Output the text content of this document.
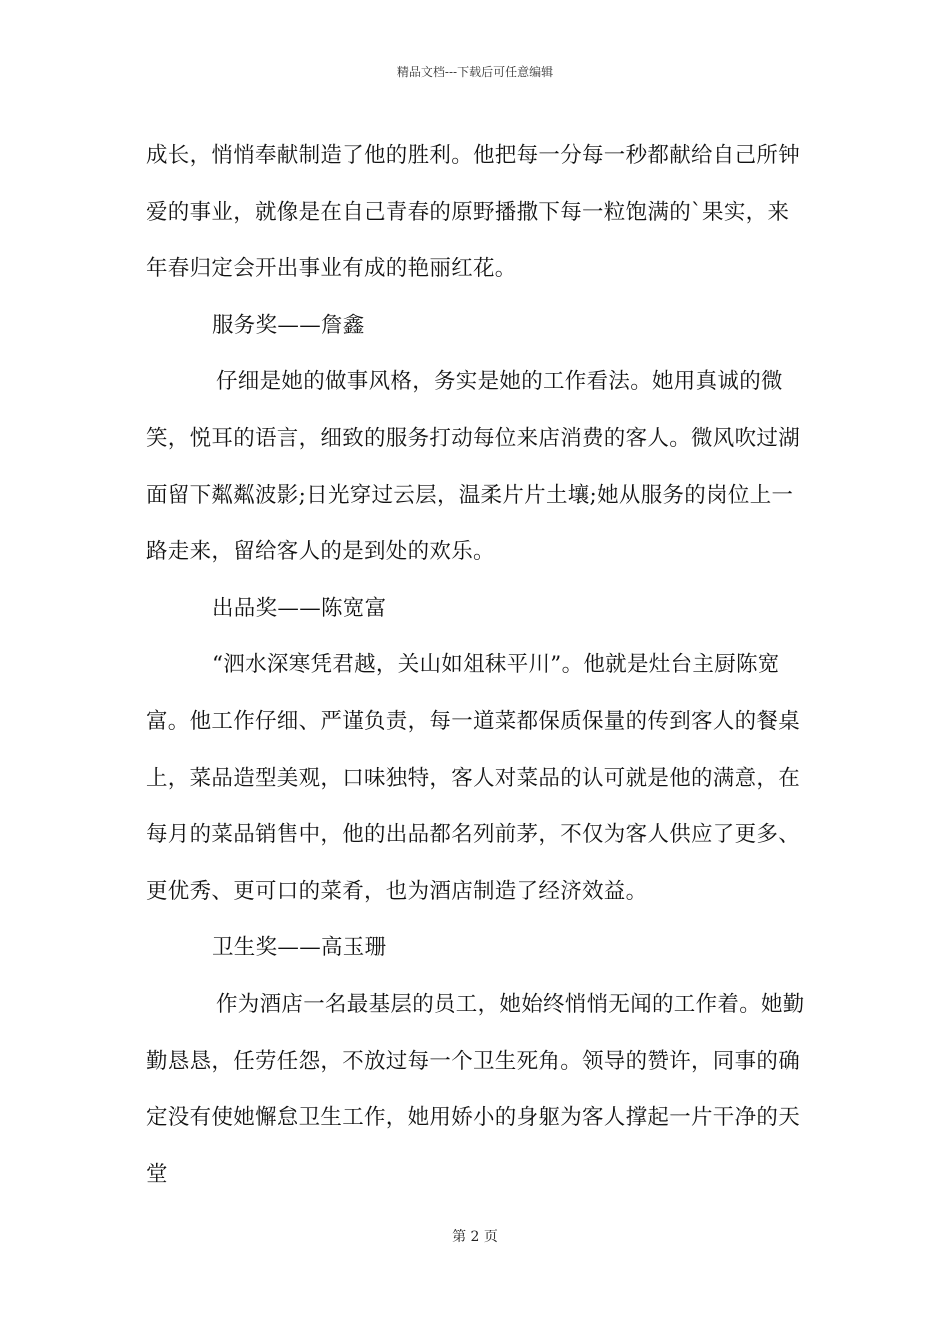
精品文档---下载后可任意编辑

成长，悄悄奉献制造了他的胜利。他把每一分每一秒都献给自己所钟爱的事业，就像是在自己青春的原野播撒下每一粒饱满的`果实，来年春归定会开出事业有成的艳丽红花。

服务奖——詹鑫

仔细是她的做事风格，务实是她的工作看法。她用真诚的微笑，悦耳的语言，细致的服务打动每位来店消费的客人。微风吹过湖面留下粼粼波影;日光穿过云层，温柔片片土壤;她从服务的岗位上一路走来，留给客人的是到处的欢乐。

出品奖——陈宽富

“泗水深寒凭君越，关山如俎秣平川”。他就是灶台主厨陈宽富。他工作仔细、严谨负责，每一道菜都保质保量的传到客人的餐桌上，菜品造型美观，口味独特，客人对菜品的认可就是他的满意，在每月的菜品销售中，他的出品都名列前茅，不仅为客人供应了更多、更优秀、更可口的菜肴，也为酒店制造了经济效益。

卫生奖——高玉珊

作为酒店一名最基层的员工，她始终悄悄无闻的工作着。她勤勤恳恳，任劳任怨，不放过每一个卫生死角。领导的赞许，同事的确定没有使她懈怠卫生工作，她用娇小的身躯为客人撑起一片干净的天堂

第 2 页
